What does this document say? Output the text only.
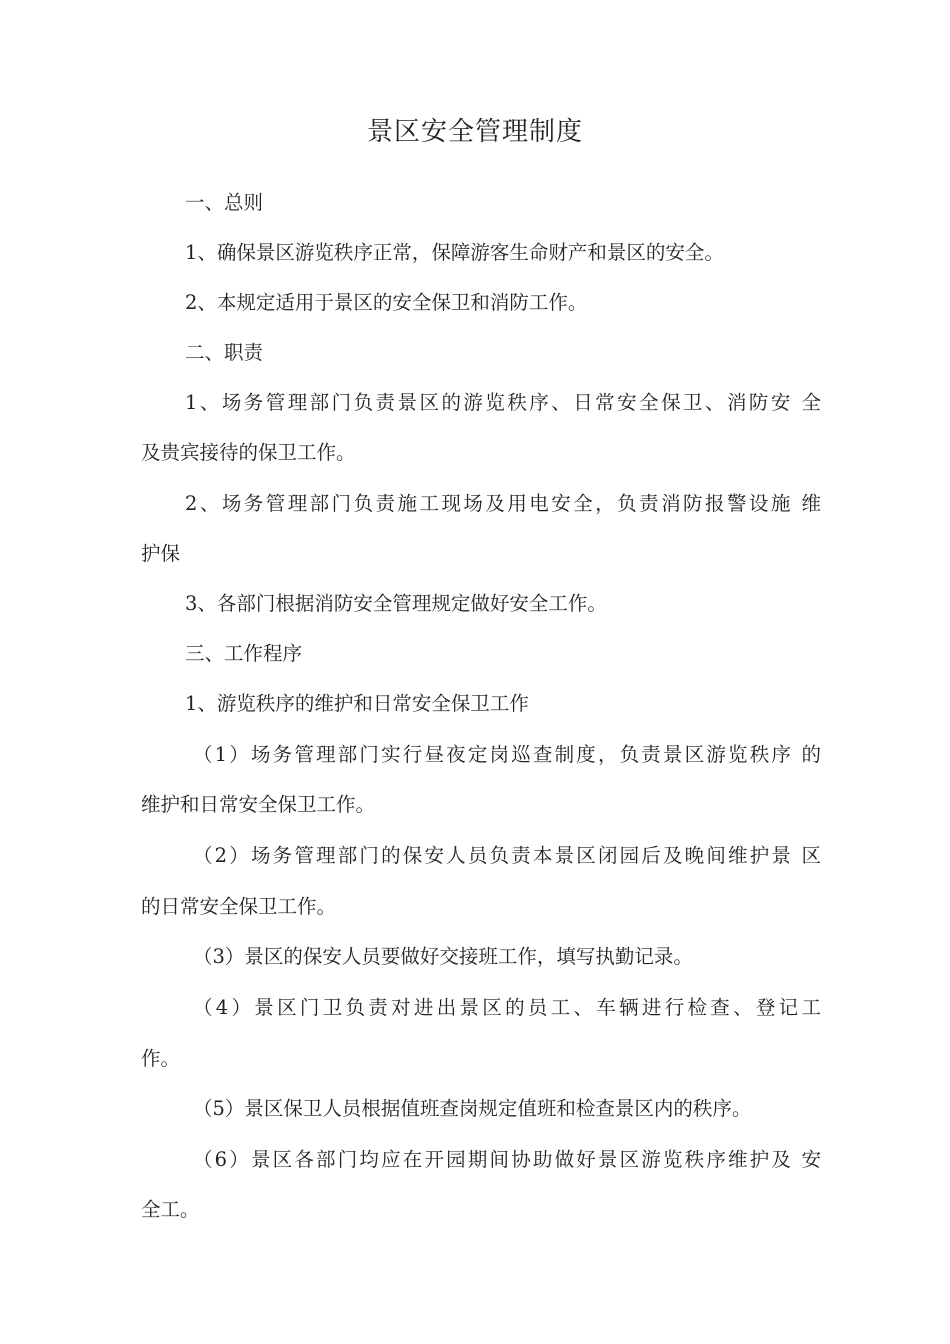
景区安全管理制度
一、总则
1、确保景区游览秩序正常，保障游客生命财产和景区的安全。
2、本规定适用于景区的安全保卫和消防工作。
二、职责
1、场务管理部门负责景区的游览秩序、日常安全保卫、消防安 全
及贵宾接待的保卫工作。
2、场务管理部门负责施工现场及用电安全，负责消防报警设施 维
护保
3、各部门根据消防安全管理规定做好安全工作。
三、工作程序
1、游览秩序的维护和日常安全保卫工作
（1）场务管理部门实行昼夜定岗巡查制度，负责景区游览秩序 的
维护和日常安全保卫工作。
（2）场务管理部门的保安人员负责本景区闭园后及晚间维护景 区
的日常安全保卫工作。
（3）景区的保安人员要做好交接班工作，填写执勤记录。
（4）景区门卫负责对进出景区的员工、车辆进行检查、登记工
作。
（5）景区保卫人员根据值班查岗规定值班和检查景区内的秩序。
（6）景区各部门均应在开园期间协助做好景区游览秩序维护及 安
全工。
